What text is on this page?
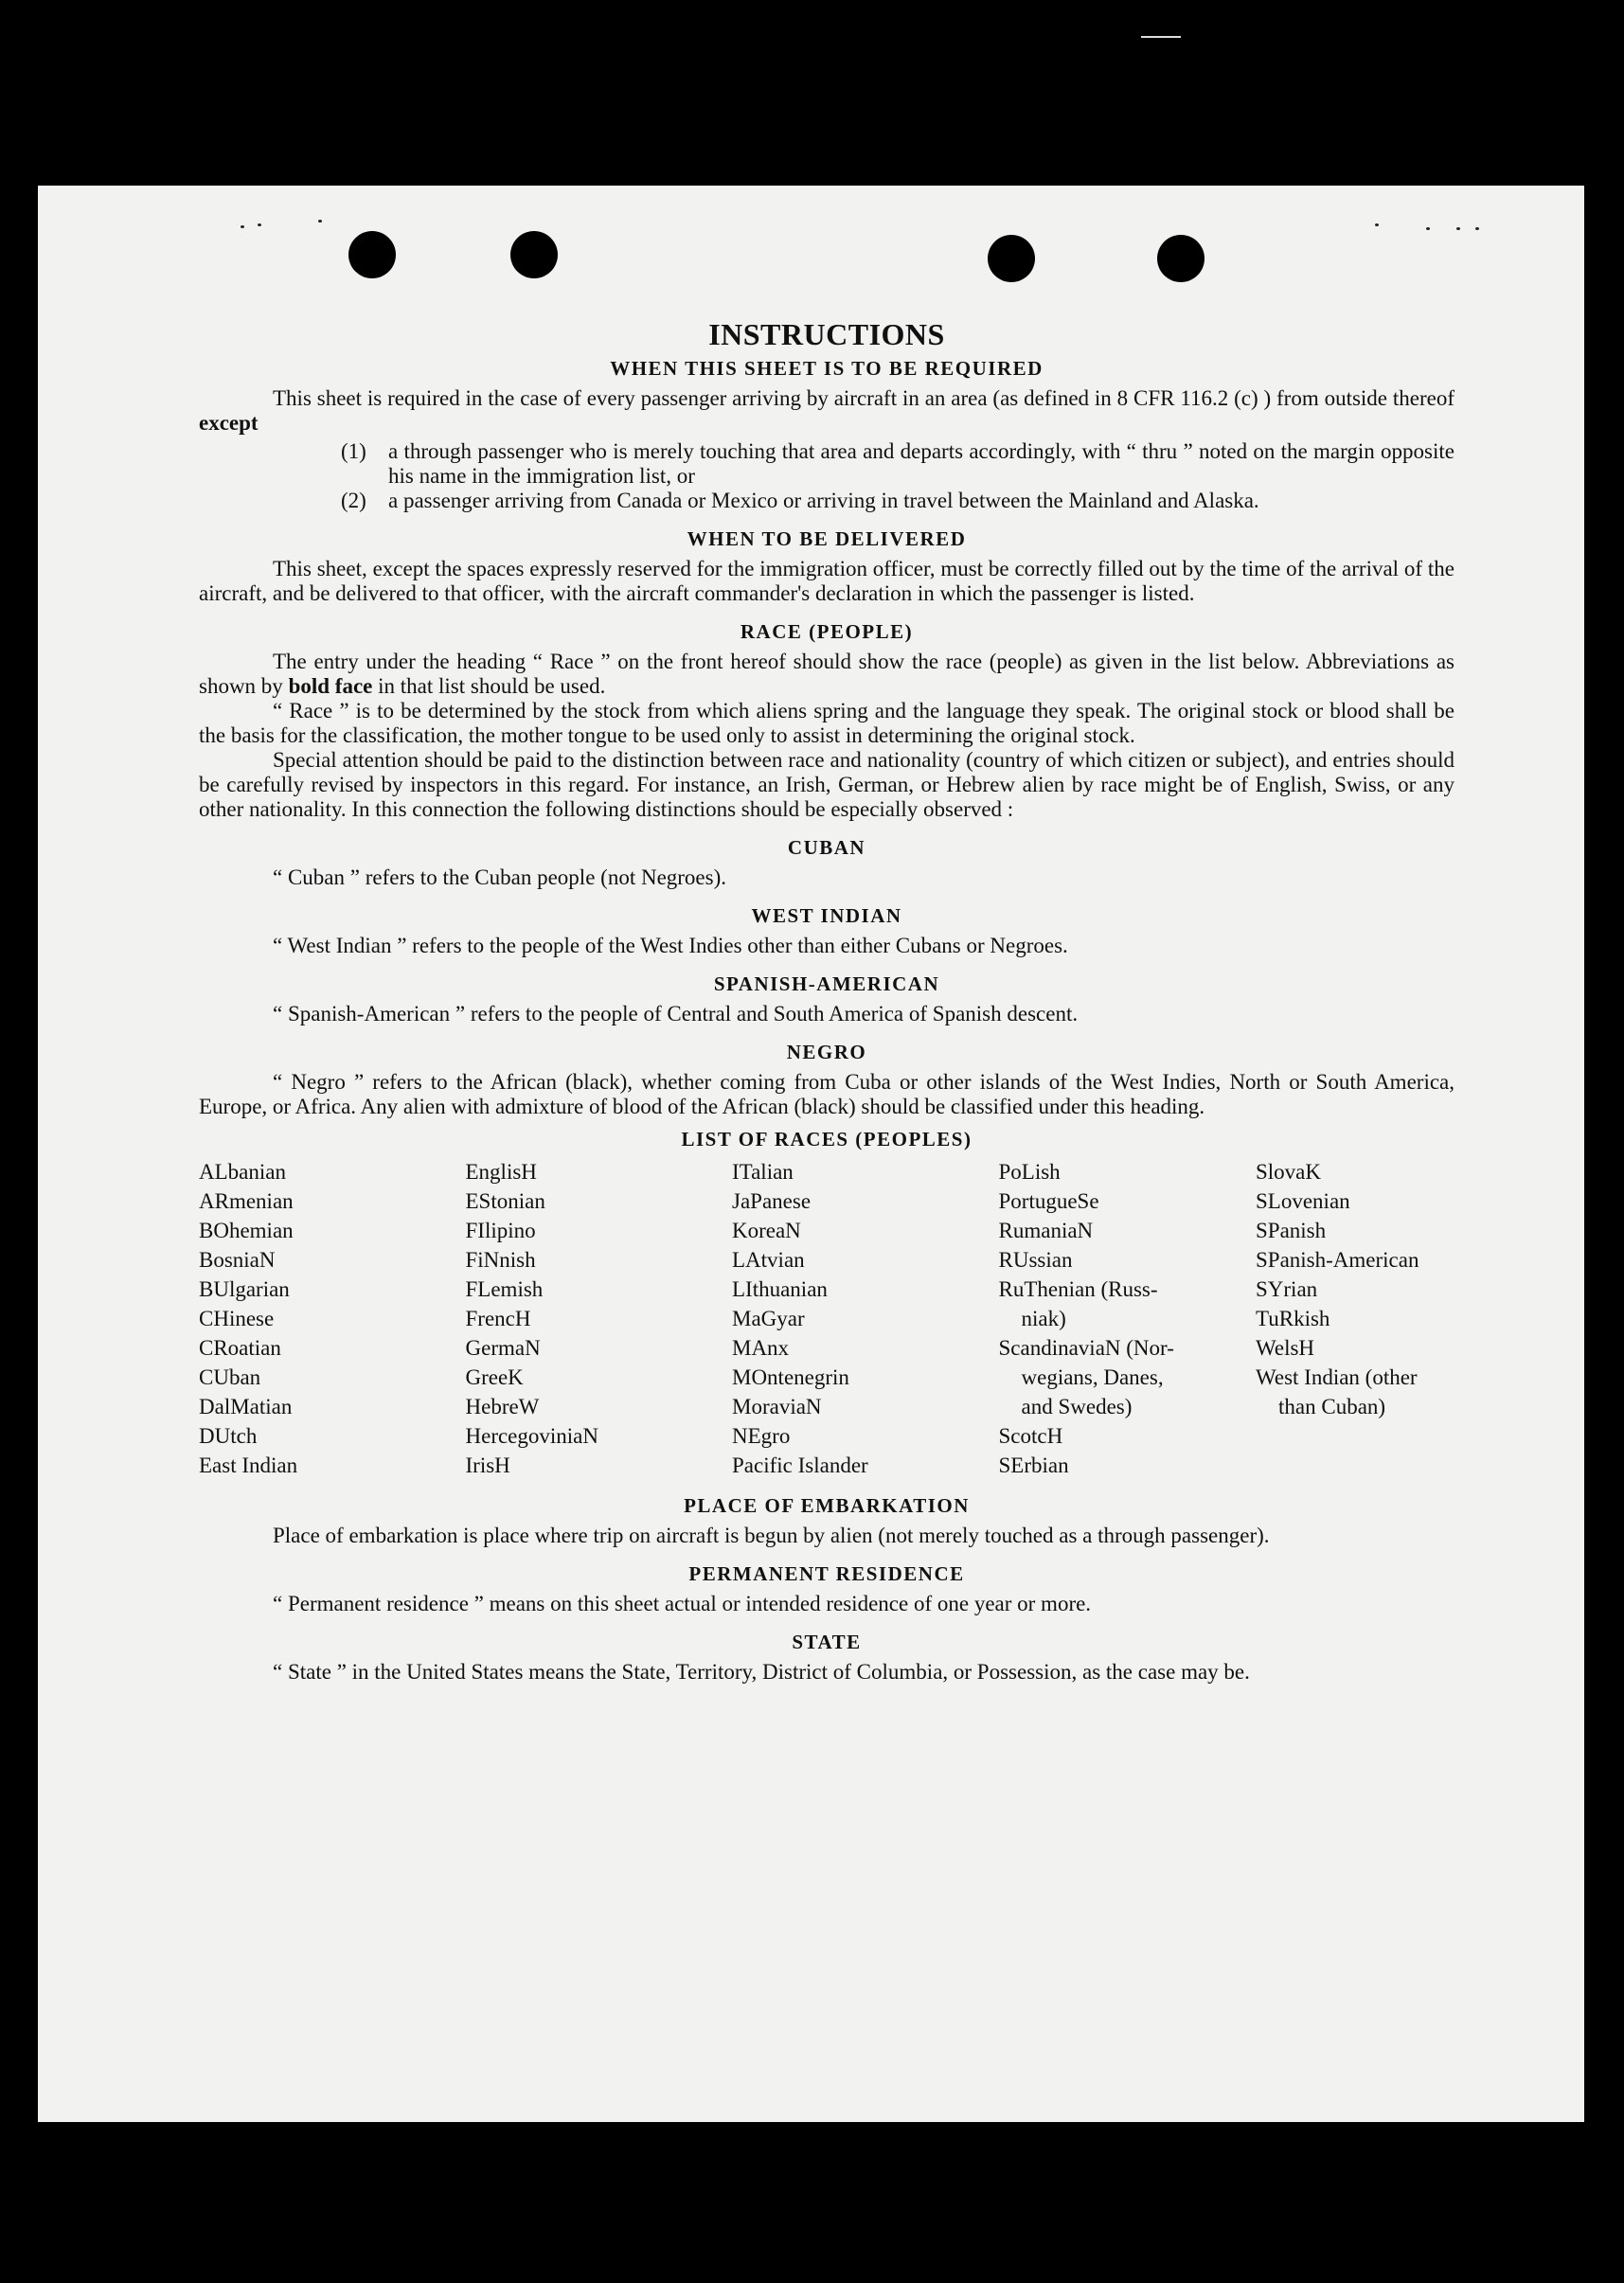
INSTRUCTIONS
WHEN THIS SHEET IS TO BE REQUIRED

This sheet is required in the case of every passenger arriving by aircraft in an area (as defined in 8 CFR 116.2 (c) ) from outside thereof except

(1)	a through passenger who is merely touching that area and departs accordingly, with “ thru ” noted on the margin opposite his name in the immigration list, or
(2)	a passenger arriving from Canada or Mexico or arriving in travel between the Mainland and Alaska.
WHEN TO BE DELIVERED

This sheet, except the spaces expressly reserved for the immigration officer, must be correctly filled out by the time of the arrival of the aircraft, and be delivered to that officer, with the aircraft commander's declaration in which the passenger is listed.

RACE (PEOPLE)

The entry under the heading “ Race ” on the front hereof should show the race (people) as given in the list below. Abbreviations as shown by bold face in that list should be used.

“ Race ” is to be determined by the stock from which aliens spring and the language they speak. The original stock or blood shall be the basis for the classification, the mother tongue to be used only to assist in determining the original stock.

Special attention should be paid to the distinction between race and nationality (country of which citizen or subject), and entries should be carefully revised by inspectors in this regard. For instance, an Irish, German, or Hebrew alien by race might be of English, Swiss, or any other nationality. In this connection the following distinctions should be especially observed :

CUBAN

“ Cuban ” refers to the Cuban people (not Negroes).

WEST INDIAN

“ West Indian ” refers to the people of the West Indies other than either Cubans or Negroes.

SPANISH-AMERICAN

“ Spanish-American ” refers to the people of Central and South America of Spanish descent.

NEGRO

“ Negro ” refers to the African (black), whether coming from Cuba or other islands of the West Indies, North or South America, Europe, or Africa. Any alien with admixture of blood of the African (black) should be classified under this heading.

LIST OF RACES (PEOPLES)
ALbanian
ARmenian
BOhemian
BosniaN
BUlgarian
CHinese
CRoatian
CUban
DalMatian
DUtch
East Indian
EnglisH
EStonian
FIlipino
FiNnish
FLemish
FrencH
GermaN
GreeK
HebreW
HercegoviniaN
IrisH
ITalian
JaPanese
KoreaN
LAtvian
LIthuanian
MaGyar
MAnx
MOntenegrin
MoraviaN
NEgro
Pacific Islander
PoLish
PortugueSe
RumaniaN
RUssian
RuThenian (Russ-niak)
ScandinaviaN (Nor-wegians, Danes, and Swedes)
ScotcH
SErbian
SlovaK
SLovenian
SPanish
SPanish-American
SYrian
TuRkish
WelsH
West Indian (other than Cuban)
PLACE OF EMBARKATION

Place of embarkation is place where trip on aircraft is begun by alien (not merely touched as a through passenger).

PERMANENT RESIDENCE

“ Permanent residence ” means on this sheet actual or intended residence of one year or more.

STATE

“ State ” in the United States means the State, Territory, District of Columbia, or Possession, as the case may be.
